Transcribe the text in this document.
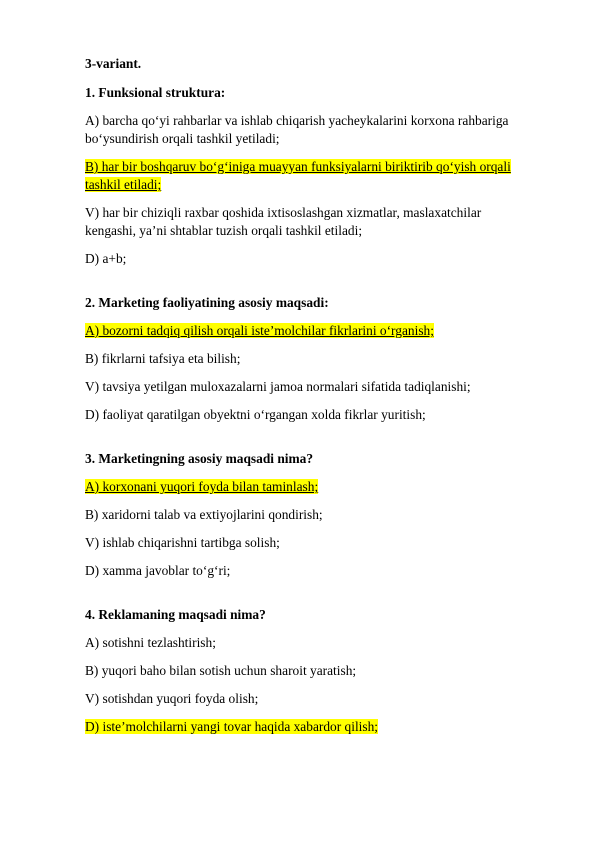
3-variant.

1. Funksional struktura:

A) barcha qo‘yi rahbarlar va ishlab chiqarish yacheykalarini korxona rahbariga bo‘ysundirish orqali tashkil yetiladi;

B) har bir boshqaruv bo‘g‘iniga muayyan funksiyalarni biriktirib qo‘yish orqali tashkil etiladi;

V) har bir chiziqli raxbar qoshida ixtisoslashgan xizmatlar, maslaxatchilar kengashi, ya’ni shtablar tuzish orqali tashkil etiladi;

D) a+b;

2. Marketing faoliyatining asosiy maqsadi:

A) bozorni tadqiq qilish orqali iste’molchilar fikrlarini o‘rganish;

B) fikrlarni tafsiya eta bilish;

V) tavsiya yetilgan muloxazalarni jamoa normalari sifatida tadiqlanishi;

D) faoliyat qaratilgan obyektni o‘rgangan xolda fikrlar yuritish;

3. Marketingning asosiy maqsadi nima?

A) korxonani yuqori foyda bilan taminlash;

B) xaridorni talab va extiyojlarini qondirish;

V) ishlab chiqarishni tartibga solish;

D) xamma javoblar to‘g‘ri;

4. Reklamaning maqsadi nima?

A) sotishni tezlashtirish;

B) yuqori baho bilan sotish uchun sharoit yaratish;

V) sotishdan yuqori foyda olish;

D) iste’molchilarni yangi tovar haqida xabardor qilish;
